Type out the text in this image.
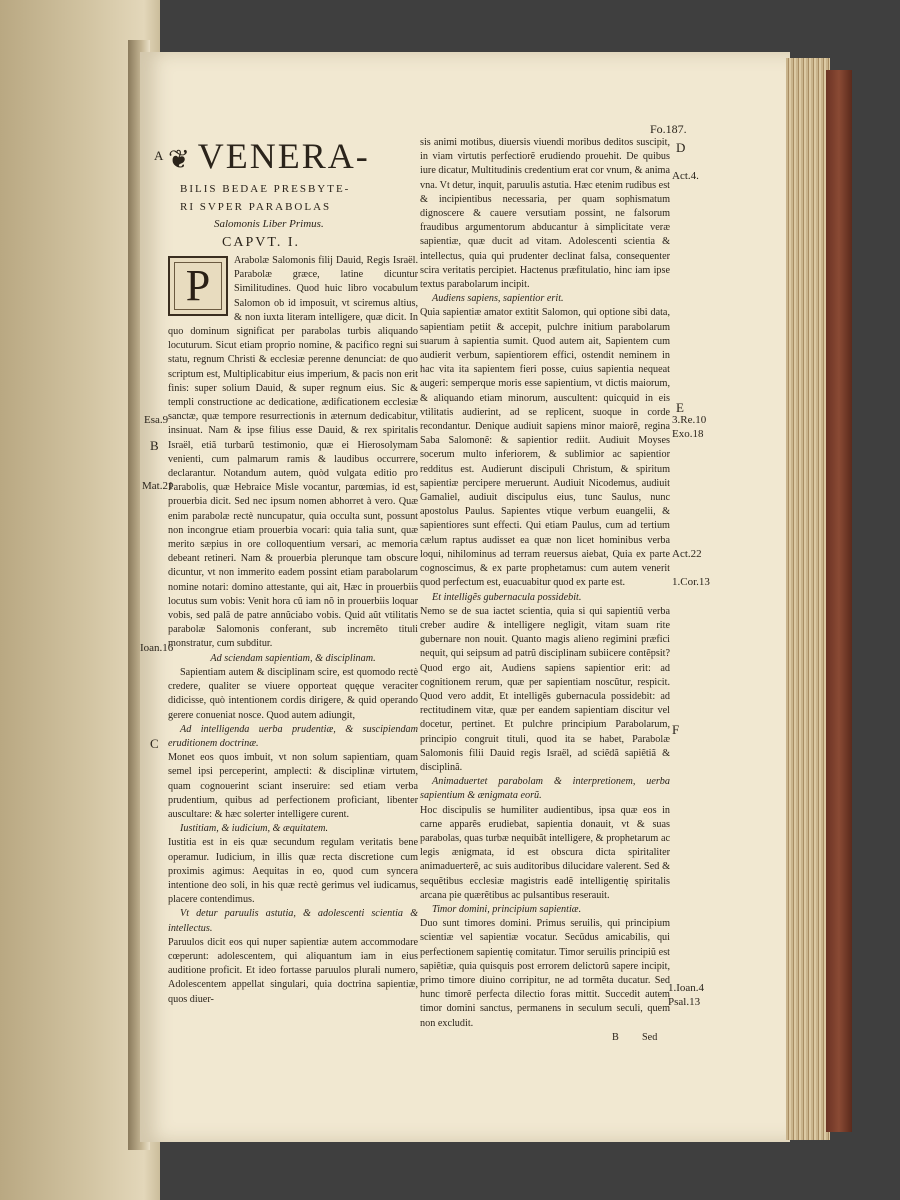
Fo.187.
❦ VENERA-
BILIS BEDAE PRESBYTE-
RI SVPER PARABOLAS
Salomonis Liber Primus.
CAPVT. I.
P

Arabolæ Salomonis filij Dauid, Regis Israël. Parabolæ græce, latine dicuntur Similitudines. Quod huic libro vocabulum Salomon ob id imposuit, vt sciremus altius, & non iuxta literam intelligere, quæ dicit. In quo dominum significat per parabolas turbis aliquando locuturum. Sicut etiam proprio nomine, & pacifico regni sui statu, regnum Christi & ecclesiæ perenne denunciat: de quo scriptum est, Multiplicabitur eius imperium, & pacis non erit finis: super solium Dauid, & super regnum eius. Sic & templi constructione ac dedicatione, ædificationem ecclesiæ sanctæ, quæ tempore resurrectionis in æternum dedicabitur, insinuat. Nam & ipse filius esse Dauid, & rex spiritalis Israël, etiã turbarũ testimonio, quæ ei Hierosolymam venienti, cum palmarum ramis & laudibus occurrere, declarantur. Notandum autem, quòd vulgata editio pro Parabolis, quæ Hebraice Misle vocantur, parœmias, id est, prouerbia dicit. Sed nec ipsum nomen abhorret à vero. Quæ enim parabolæ rectè nuncupatur, quia occulta sunt, possunt non incongrue etiam prouerbia vocari: quia talia sunt, quæ merito sæpius in ore colloquentium versari, ac memoria debeant retineri. Nam & prouerbia plerunque tam obscure dicuntur, vt non immerito eadem possint etiam parabolarum nomine notari: domino attestante, qui ait, Hæc in prouerbiis locutus sum vobis: Venit hora cũ iam nõ in prouerbiis loquar vobis, sed palã de patre annũciabo vobis. Quid aũt vtilitatis parabolæ Salomonis conferant, sub incremẽto tituli monstratur, cum subditur.

Ad sciendam sapientiam, & disciplinam.

Sapientiam autem & disciplinam scire, est quomodo rectè credere, qualiter se viuere opporteat quęque veraciter didicisse, quò intentionem cordis dirigere, & quid operando gerere conueniat nosce. Quod autem adiungit,

Ad intelligenda uerba prudentiæ, & suscipiendam eruditionem doctrinæ.

Monet eos quos imbuit, vt non solum sapientiam, quam semel ipsi perceperint, amplecti: & disciplinæ virtutem, quam cognouerint sciant inseruire: sed etiam verba prudentium, quibus ad perfectionem proficiant, libenter auscultare: & hæc solerter intelligere curent.

Iustitiam, & iudicium, & æquitatem.

Iustitia est in eis quæ secundum regulam veritatis bene operamur. Iudicium, in illis quæ recta discretione cum proximis agimus: Aequitas in eo, quod cum syncera intentione deo soli, in his quæ rectè gerimus vel iudicamus, placere contendimus.

Vt detur paruulis astutia, & adolescenti scientia & intellectus.

Paruulos dicit eos qui nuper sapientiæ autem accommodare cœperunt: adolescentem, qui aliquantum iam in eius auditione proficit. Et ideo fortasse paruulos plurali numero, Adolescentem appellat singulari, quia doctrina sapientiæ, quos diuer-

sis animi motibus, diuersis viuendi moribus deditos suscipit, in viam virtutis perfectiorẽ erudiendo prouehit. De quibus iure dicatur, Multitudinis credentium erat cor vnum, & anima vna. Vt detur, inquit, paruulis astutia. Hæc etenim rudibus est & incipientibus necessaria, per quam sophismatum dignoscere & cauere versutiam possint, ne falsorum fraudibus argumentorum abducantur à simplicitate veræ sapientiæ, quæ ducit ad vitam. Adolescenti scientia & intellectus, quia qui prudenter declinat falsa, consequenter scira veritatis percipiet. Hactenus præfitulatio, hinc iam ipse textus parabolarum incipit.

Audiens sapiens, sapientior erit.

Quia sapientiæ amator extitit Salomon, qui optione sibi data, sapientiam petiit & accepit, pulchre initium parabolarum suarum à sapientia sumit. Quod autem ait, Sapientem cum audierit verbum, sapientiorem effici, ostendit neminem in hac vita ita sapientem fieri posse, cuius sapientia nequeat augeri: semperque moris esse sapientium, vt dictis maiorum, & aliquando etiam minorum, auscultent: quicquid in eis vtilitatis audierint, ad se replicent, suoque in corde recondantur. Denique audiuit sapiens minor maiorẽ, regina Saba Salomonẽ: & sapientior rediit. Audiuit Moyses socerum multo inferiorem, & sublimior ac sapientior redditus est. Audierunt discipuli Christum, & spiritum sapientiæ percipere meruerunt. Audiuit Nicodemus, audiuit Gamaliel, audiuit discipulus eius, tunc Saulus, nunc apostolus Paulus. Sapientes vtique verbum euangelii, & sapientiores sunt effecti. Qui etiam Paulus, cum ad tertium cælum raptus audisset ea quæ non licet hominibus verba loqui, nihilominus ad terram reuersus aiebat, Quia ex parte cognoscimus, & ex parte prophetamus: cum autem venerit quod perfectum est, euacuabitur quod ex parte est.

Et intelligẽs gubernacula possidebit.

Nemo se de sua iactet scientia, quia si qui sapientiũ verba creber audire & intelligere negligit, vitam suam rite gubernare non nouit. Quanto magis alieno regimini præfici nequit, qui seipsum ad patrũ disciplinam subiicere contẽpsit? Quod ergo ait, Audiens sapiens sapientior erit: ad cognitionem rerum, quæ per sapientiam noscũtur, respicit. Quod vero addit, Et intelligẽs gubernacula possidebit: ad rectitudinem vitæ, quæ per eandem sapientiam discitur vel docetur, pertinet. Et pulchre principium Parabolarum, principio congruit tituli, quod ita se habet, Parabolæ Salomonis filii Dauid regis Israël, ad sciẽdã sapiẽtiã & disciplinã.

Animaduertet parabolam & interpretionem, uerba sapientium & ænigmata eorũ.

Hoc discipulis se humiliter audientibus, ipsa quæ eos in carne apparẽs erudiebat, sapientia donauit, vt & suas parabolas, quas turbæ nequibãt intelligere, & prophetarum ac legis ænigmata, id est obscura dicta spiritaliter animaduerterẽ, ac suis auditoribus dilucidare valerent. Sed & sequẽtibus ecclesiæ magistris eadẽ intelligentię spiritalis arcana pie quærẽtibus ac pulsantibus reserauit.

Timor domini, principium sapientiæ.

Duo sunt timores domini. Primus seruilis, qui principium scientiæ vel sapientiæ vocatur. Secũdus amicabilis, qui perfectionem sapientię comitatur. Timor seruilis principiũ est sapiẽtiæ, quia quisquis post errorem delictorũ sapere incipit, primo timore diuino corripitur, ne ad tormẽta ducatur. Sed hunc timorẽ perfecta dilectio foras mittit. Succedit autem timor domini sanctus, permanens in seculum seculi, quem non excludit.

B Sed

A
B
C
Esa.9
Mat.21
Ioan.16
D
Act.4.
E
3.Re.10
Exo.18
Act.22
1.Cor.13
F
1.Ioan.4
Psal.13
